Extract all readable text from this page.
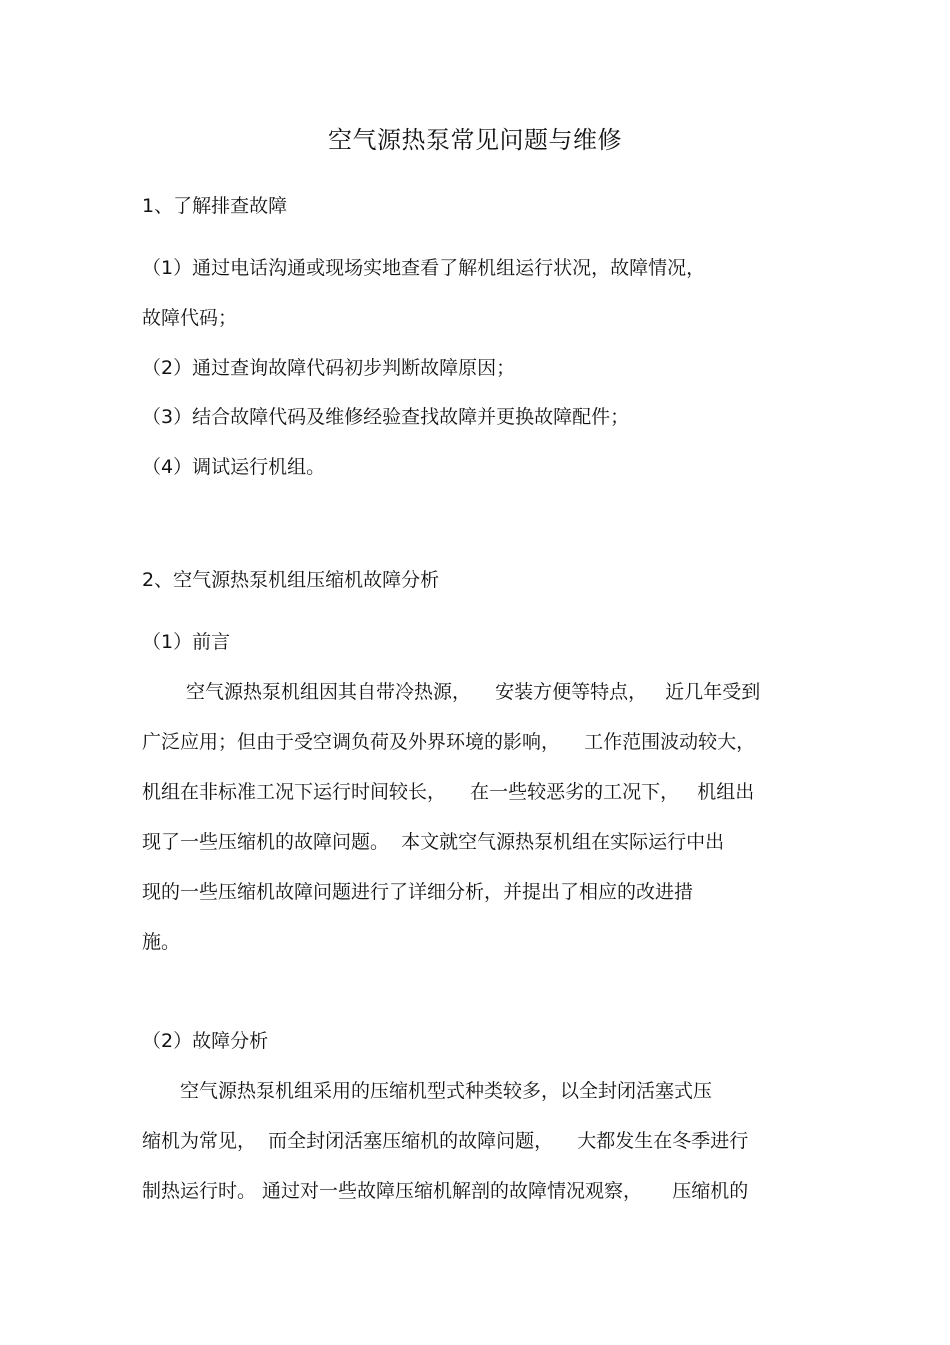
空气源热泵常见问题与维修

1、了解排查故障

（1）通过电话沟通或现场实地查看了解机组运行状况，故障情况，

故障代码；

（2）通过查询故障代码初步判断故障原因；

（3）结合故障代码及维修经验查找故障并更换故障配件；

（4）调试运行机组。

2、空气源热泵机组压缩机故障分析

（1）前言

空气源热泵机组因其自带冷热源，    安装方便等特点，   近几年受到

广泛应用；但由于受空调负荷及外界环境的影响，    工作范围波动较大，

机组在非标准工况下运行时间较长，    在一些较恶劣的工况下，   机组出

现了一些压缩机的故障问题。  本文就空气源热泵机组在实际运行中出

现的一些压缩机故障问题进行了详细分析，并提出了相应的改进措

施。

（2）故障分析

空气源热泵机组采用的压缩机型式种类较多，以全封闭活塞式压

缩机为常见，  而全封闭活塞压缩机的故障问题，    大都发生在冬季进行

制热运行时。 通过对一些故障压缩机解剖的故障情况观察，     压缩机的
